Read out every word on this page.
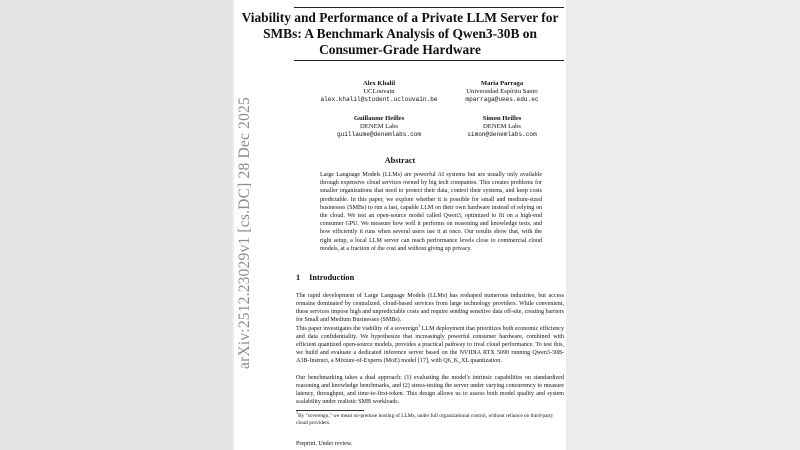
Viability and Performance of a Private LLM Server for
SMBs: A Benchmark Analysis of Qwen3-30B on
Consumer-Grade Hardware
Alex Khalil
UCLouvain
alex.khalil@student.uclouvain.be
Maria Parraga
Universidad Espíritu Santo
mparraga@uees.edu.ec
Guillaume Heilles
DENEM Labs
guillaume@denemlabs.com
Simon Heilles
DENEM Labs
simon@denemlabs.com
Abstract
Large Language Models (LLMs) are powerful AI systems but are usually only available through expensive cloud services owned by big tech companies. This creates problems for smaller organizations that need to protect their data, control their systems, and keep costs predictable. In this paper, we explore whether it is possible for small and medium-sized businesses (SMBs) to run a fast, capable LLM on their own hardware instead of relying on the cloud. We test an open-source model called Qwen3, optimized to fit on a high-end consumer GPU. We measure how well it performs on reasoning and knowledge tests, and how efficiently it runs when several users use it at once. Our results show that, with the right setup, a local LLM server can reach performance levels close to commercial cloud models, at a fraction of the cost and without giving up privacy.
1 Introduction
The rapid development of Large Language Models (LLMs) has reshaped numerous industries, but access remains dominated by centralized, cloud-based services from large technology providers. While convenient, these services impose high and unpredictable costs and require sending sensitive data off-site, creating barriers for Small and Medium Businesses (SMBs).
This paper investigates the viability of a sovereign$^1$ LLM deployment that prioritizes both economic efficiency and data confidentiality. We hypothesize that increasingly powerful consumer hardware, combined with efficient quantized open-source models, provides a practical pathway to rival cloud performance. To test this, we build and evaluate a dedicated inference server based on the NVIDIA RTX 5090 running Qwen3-30B-A3B-Instruct, a Mixture-of-Experts (MoE) model [17], with Q6_K_XL quantization.
Our benchmarking takes a dual approach: (1) evaluating the model's intrinsic capabilities on standardized reasoning and knowledge benchmarks, and (2) stress-testing the server under varying concurrency to measure latency, throughput, and time-to-first-token. This design allows us to assess both model quality and system scalability under realistic SMB workloads.
$^1$By "sovereign," we mean on-premise hosting of LLMs, under full organizational control, without reliance on third-party cloud providers.
Preprint. Under review.
arXiv:2512.23029v1 [cs.DC] 28 Dec 2025
